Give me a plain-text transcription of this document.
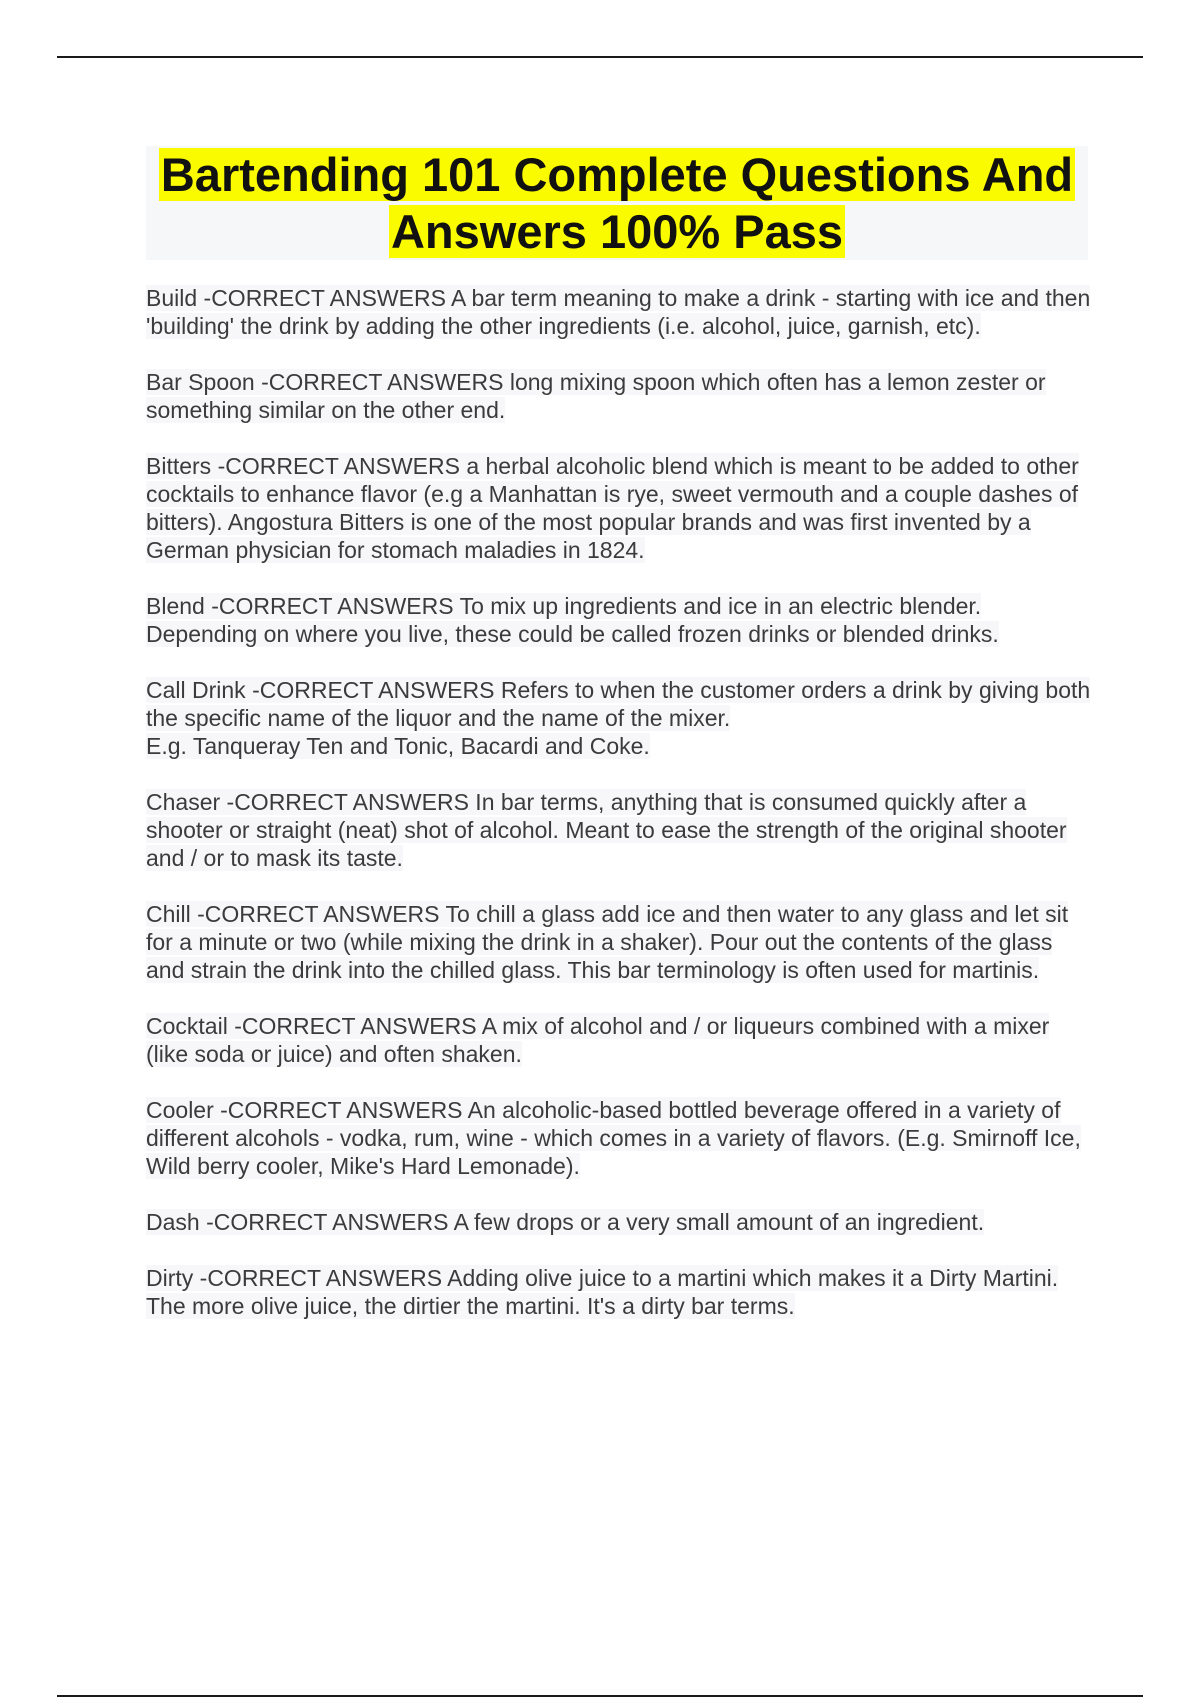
Bartending 101 Complete Questions And Answers 100% Pass

Build -CORRECT ANSWERS A bar term meaning to make a drink - starting with ice and then 'building' the drink by adding the other ingredients (i.e. alcohol, juice, garnish, etc).

Bar Spoon -CORRECT ANSWERS long mixing spoon which often has a lemon zester or something similar on the other end.

Bitters -CORRECT ANSWERS a herbal alcoholic blend which is meant to be added to other cocktails to enhance flavor (e.g a Manhattan is rye, sweet vermouth and a couple dashes of bitters). Angostura Bitters is one of the most popular brands and was first invented by a German physician for stomach maladies in 1824.

Blend -CORRECT ANSWERS To mix up ingredients and ice in an electric blender. Depending on where you live, these could be called frozen drinks or blended drinks.

Call Drink -CORRECT ANSWERS Refers to when the customer orders a drink by giving both the specific name of the liquor and the name of the mixer.
E.g. Tanqueray Ten and Tonic, Bacardi and Coke.

Chaser -CORRECT ANSWERS In bar terms, anything that is consumed quickly after a shooter or straight (neat) shot of alcohol. Meant to ease the strength of the original shooter and / or to mask its taste.

Chill -CORRECT ANSWERS To chill a glass add ice and then water to any glass and let sit for a minute or two (while mixing the drink in a shaker). Pour out the contents of the glass and strain the drink into the chilled glass. This bar terminology is often used for martinis.

Cocktail -CORRECT ANSWERS A mix of alcohol and / or liqueurs combined with a mixer (like soda or juice) and often shaken.

Cooler -CORRECT ANSWERS An alcoholic-based bottled beverage offered in a variety of different alcohols - vodka, rum, wine - which comes in a variety of flavors. (E.g. Smirnoff Ice, Wild berry cooler, Mike's Hard Lemonade).

Dash -CORRECT ANSWERS A few drops or a very small amount of an ingredient.

Dirty -CORRECT ANSWERS Adding olive juice to a martini which makes it a Dirty Martini. The more olive juice, the dirtier the martini. It's a dirty bar terms.
